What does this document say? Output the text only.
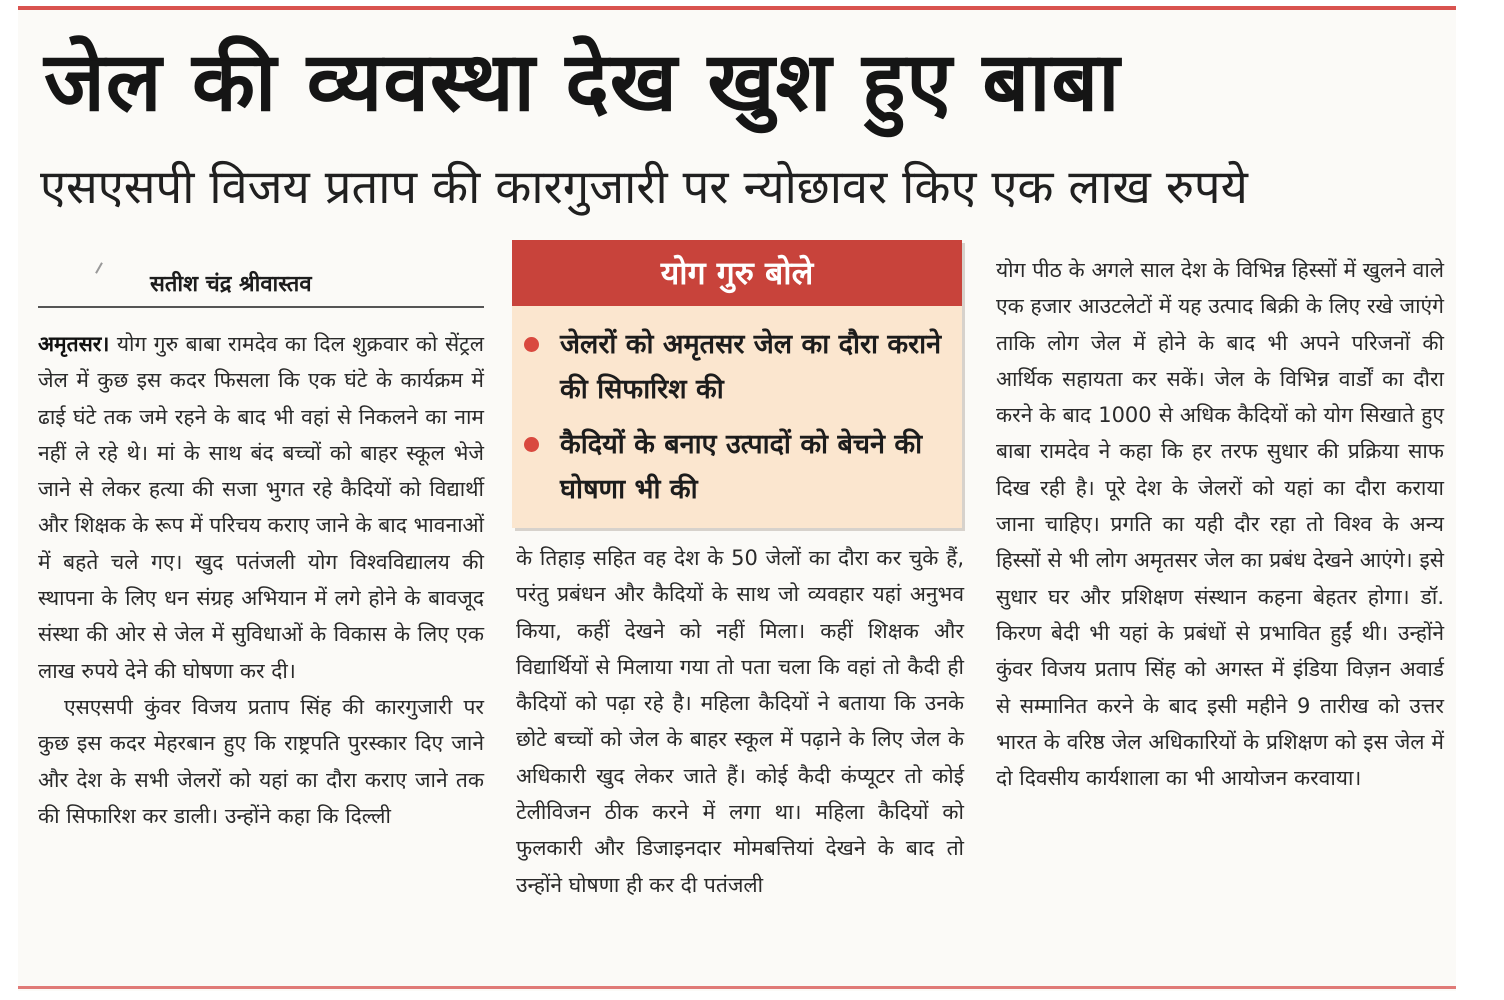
जेल की व्यवस्था देख खुश हुए बाबा
एसएसपी विजय प्रताप की कारगुजारी पर न्योछावर किए एक लाख रुपये
सतीश चंद्र श्रीवास्तव

अमृतसर। योग गुरु बाबा रामदेव का दिल शुक्रवार को सेंट्रल जेल में कुछ इस कदर फिसला कि एक घंटे के कार्यक्रम में ढाई घंटे तक जमे रहने के बाद भी वहां से निकलने का नाम नहीं ले रहे थे। मां के साथ बंद बच्चों को बाहर स्कूल भेजे जाने से लेकर हत्या की सजा भुगत रहे कैदियों को विद्यार्थी और शिक्षक के रूप में परिचय कराए जाने के बाद भावनाओं में बहते चले गए। खुद पतंजली योग विश्वविद्यालय की स्थापना के लिए धन संग्रह अभियान में लगे होने के बावजूद संस्था की ओर से जेल में सुविधाओं के विकास के लिए एक लाख रुपये देने की घोषणा कर दी।

एसएसपी कुंवर विजय प्रताप सिंह की कारगुजारी पर कुछ इस कदर मेहरबान हुए कि राष्ट्रपति पुरस्कार दिए जाने और देश के सभी जेलरों को यहां का दौरा कराए जाने तक की सिफारिश कर डाली। उन्होंने कहा कि दिल्ली

योग गुरु बोले
जेलरों को अमृतसर जेल का दौरा कराने की सिफारिश की
कैदियों के बनाए उत्पादों को बेचने की घोषणा भी की

के तिहाड़ सहित वह देश के 50 जेलों का दौरा कर चुके हैं, परंतु प्रबंधन और कैदियों के साथ जो व्यवहार यहां अनुभव किया, कहीं देखने को नहीं मिला। कहीं शिक्षक और विद्यार्थियों से मिलाया गया तो पता चला कि वहां तो कैदी ही कैदियों को पढ़ा रहे है। महिला कैदियों ने बताया कि उनके छोटे बच्चों को जेल के बाहर स्कूल में पढ़ाने के लिए जेल के अधिकारी खुद लेकर जाते हैं। कोई कैदी कंप्यूटर तो कोई टेलीविजन ठीक करने में लगा था। महिला कैदियों को फुलकारी और डिजाइनदार मोमबत्तियां देखने के बाद तो उन्होंने घोषणा ही कर दी पतंजली

योग पीठ के अगले साल देश के विभिन्न हिस्सों में खुलने वाले एक हजार आउटलेटों में यह उत्पाद बिक्री के लिए रखे जाएंगे ताकि लोग जेल में होने के बाद भी अपने परिजनों की आर्थिक सहायता कर सकें। जेल के विभिन्न वार्डों का दौरा करने के बाद 1000 से अधिक कैदियों को योग सिखाते हुए बाबा रामदेव ने कहा कि हर तरफ सुधार की प्रक्रिया साफ दिख रही है। पूरे देश के जेलरों को यहां का दौरा कराया जाना चाहिए। प्रगति का यही दौर रहा तो विश्व के अन्य हिस्सों से भी लोग अमृतसर जेल का प्रबंध देखने आएंगे। इसे सुधार घर और प्रशिक्षण संस्थान कहना बेहतर होगा। डॉ. किरण बेदी भी यहां के प्रबंधों से प्रभावित हुईं थी। उन्होंने कुंवर विजय प्रताप सिंह को अगस्त में इंडिया विज़न अवार्ड से सम्मानित करने के बाद इसी महीने 9 तारीख को उत्तर भारत के वरिष्ठ जेल अधिकारियों के प्रशिक्षण को इस जेल में दो दिवसीय कार्यशाला का भी आयोजन करवाया।
